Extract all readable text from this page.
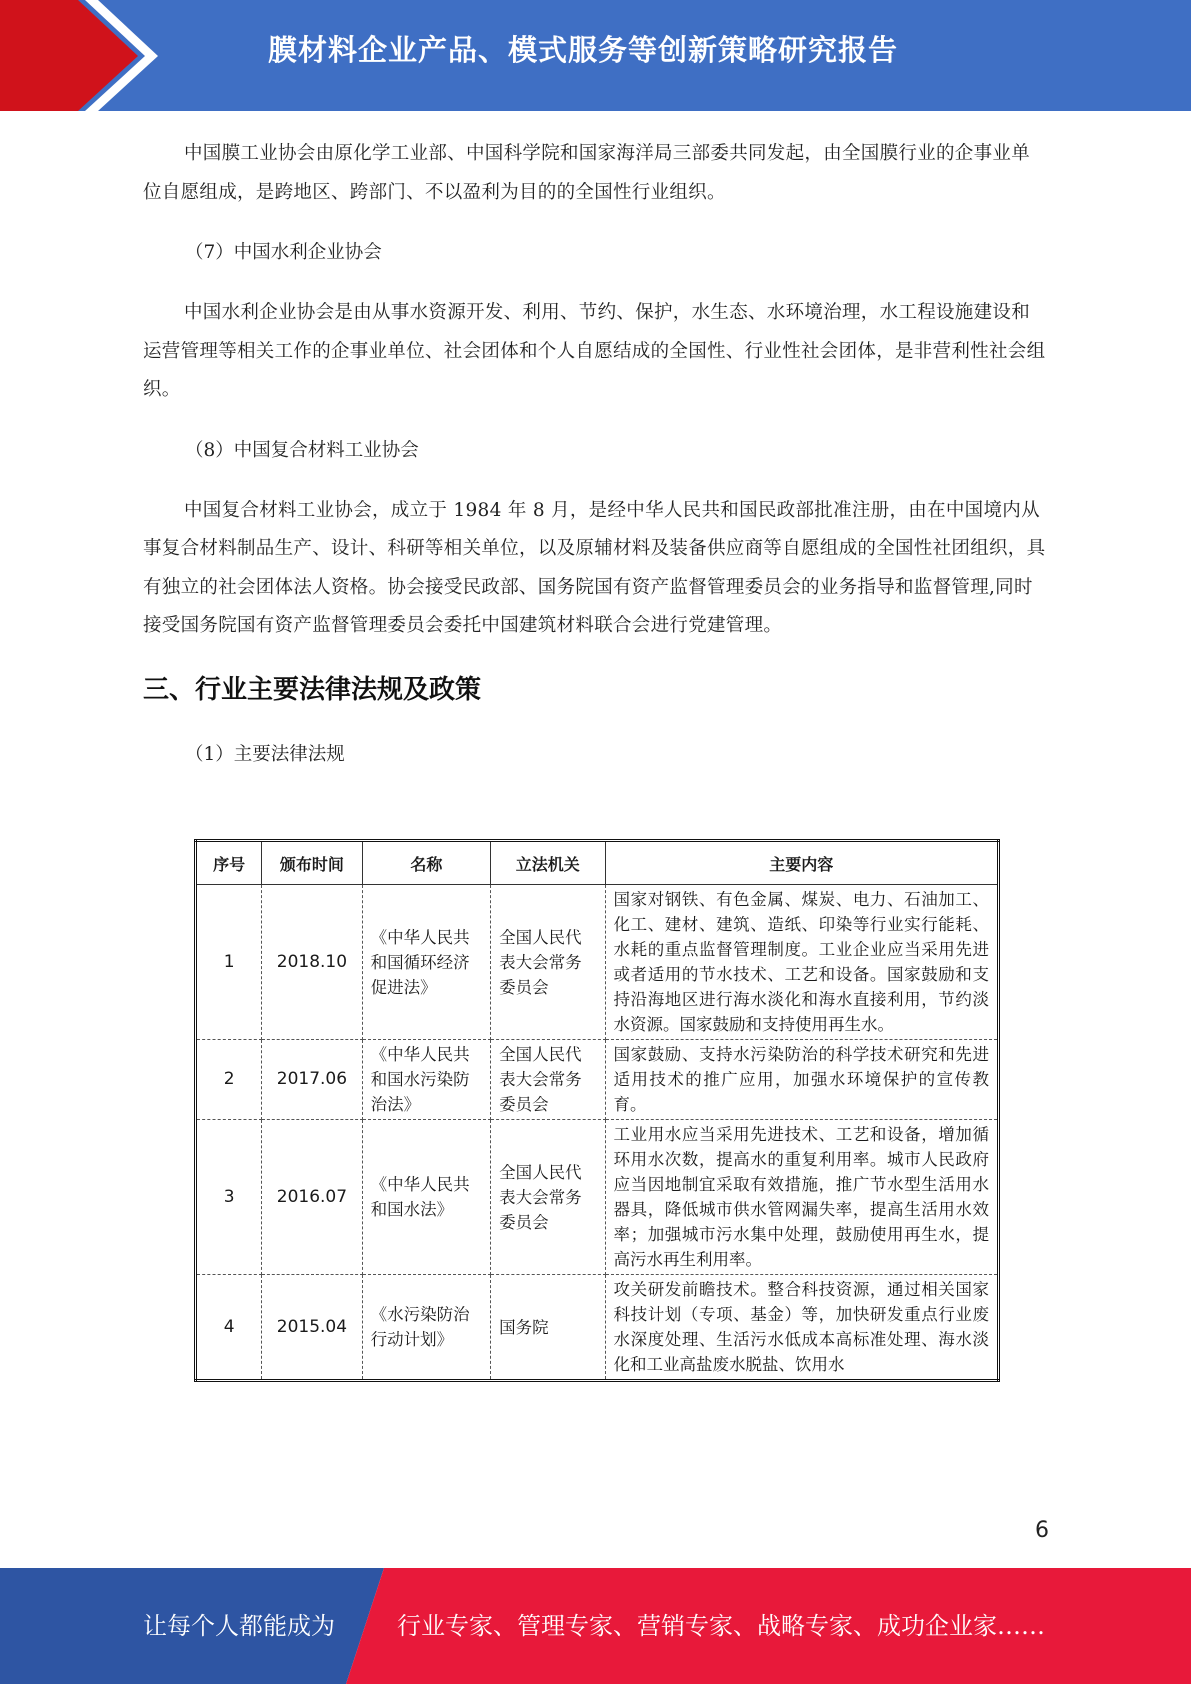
膜材料企业产品、模式服务等创新策略研究报告

中国膜工业协会由原化学工业部、中国科学院和国家海洋局三部委共同发起，由全国膜行业的企事业单位自愿组成，是跨地区、跨部门、不以盈利为目的的全国性行业组织。

（7）中国水利企业协会

中国水利企业协会是由从事水资源开发、利用、节约、保护，水生态、水环境治理，水工程设施建设和运营管理等相关工作的企事业单位、社会团体和个人自愿结成的全国性、行业性社会团体，是非营利性社会组织。

（8）中国复合材料工业协会

中国复合材料工业协会，成立于 1984 年 8 月，是经中华人民共和国民政部批准注册，由在中国境内从事复合材料制品生产、设计、科研等相关单位，以及原辅材料及装备供应商等自愿组成的全国性社团组织，具有独立的社会团体法人资格。协会接受民政部、国务院国有资产监督管理委员会的业务指导和监督管理,同时接受国务院国有资产监督管理委员会委托中国建筑材料联合会进行党建管理。

三、行业主要法律法规及政策

（1）主要法律法规

序号	颁布时间	名称	立法机关	主要内容
1	2018.10	《中华人民共和国循环经济促进法》	全国人民代表大会常务委员会	国家对钢铁、有色金属、煤炭、电力、石油加工、化工、建材、建筑、造纸、印染等行业实行能耗、水耗的重点监督管理制度。工业企业应当采用先进或者适用的节水技术、工艺和设备。国家鼓励和支持沿海地区进行海水淡化和海水直接利用，节约淡水资源。国家鼓励和支持使用再生水。
2	2017.06	《中华人民共和国水污染防治法》	全国人民代表大会常务委员会	国家鼓励、支持水污染防治的科学技术研究和先进适用技术的推广应用，加强水环境保护的宣传教育。
3	2016.07	《中华人民共和国水法》	全国人民代表大会常务委员会	工业用水应当采用先进技术、工艺和设备，增加循环用水次数，提高水的重复利用率。城市人民政府应当因地制宜采取有效措施，推广节水型生活用水器具，降低城市供水管网漏失率，提高生活用水效率；加强城市污水集中处理，鼓励使用再生水，提高污水再生利用率。
4	2015.04	《水污染防治行动计划》	国务院	攻关研发前瞻技术。整合科技资源，通过相关国家科技计划（专项、基金）等，加快研发重点行业废水深度处理、生活污水低成本高标准处理、海水淡化和工业高盐废水脱盐、饮用水
6
让每个人都能成为	行业专家、管理专家、营销专家、战略专家、成功企业家……
